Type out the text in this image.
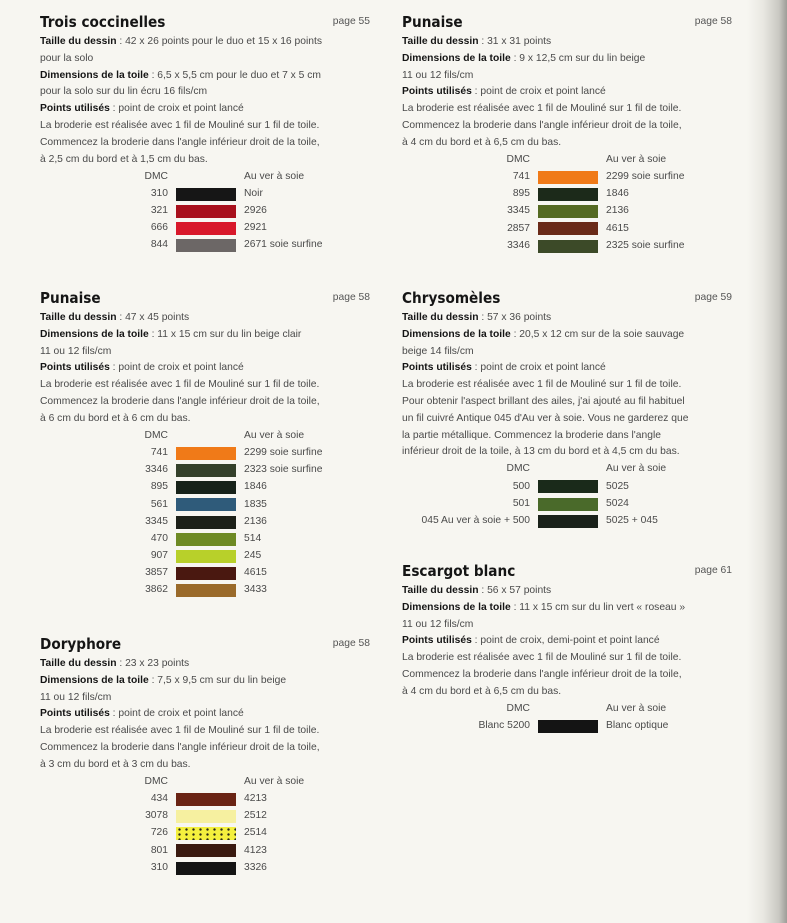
Trois coccinelles	page 55
Taille du dessin : 42 x 26 points pour le duo et 15 x 16 points
pour la solo
Dimensions de la toile : 6,5 x 5,5 cm pour le duo et 7 x 5 cm
pour la solo sur du lin écru 16 fils/cm
Points utilisés : point de croix et point lancé
La broderie est réalisée avec 1 fil de Mouliné sur 1 fil de toile.
Commencez la broderie dans l'angle inférieur droit de la toile,
à 2,5 cm du bord et à 1,5 cm du bas.
DMC		Au ver à soie
310		Noir
321		2926
666		2921
844		2671 soie surfine
Punaise	page 58
Taille du dessin : 31 x 31 points
Dimensions de la toile : 9 x 12,5 cm sur du lin beige
11 ou 12 fils/cm
Points utilisés : point de croix et point lancé
La broderie est réalisée avec 1 fil de Mouliné sur 1 fil de toile.
Commencez la broderie dans l'angle inférieur droit de la toile,
à 4 cm du bord et à 6,5 cm du bas.
DMC		Au ver à soie
741		2299 soie surfine
895		1846
3345		2136
2857		4615
3346		2325 soie surfine
Punaise	page 58
Taille du dessin : 47 x 45 points
Dimensions de la toile : 11 x 15 cm sur du lin beige clair
11 ou 12 fils/cm
Points utilisés : point de croix et point lancé
La broderie est réalisée avec 1 fil de Mouliné sur 1 fil de toile.
Commencez la broderie dans l'angle inférieur droit de la toile,
à 6 cm du bord et à 6 cm du bas.
DMC		Au ver à soie
741		2299 soie surfine
3346		2323 soie surfine
895		1846
561		1835
3345		2136
470		514
907		245
3857		4615
3862		3433
Chrysomèles	page 59
Taille du dessin : 57 x 36 points
Dimensions de la toile : 20,5 x 12 cm sur de la soie sauvage
beige 14 fils/cm
Points utilisés : point de croix et point lancé
La broderie est réalisée avec 1 fil de Mouliné sur 1 fil de toile.
Pour obtenir l'aspect brillant des ailes, j'ai ajouté au fil habituel
un fil cuivré Antique 045 d'Au ver à soie. Vous ne garderez que
la partie métallique. Commencez la broderie dans l'angle
inférieur droit de la toile, à 13 cm du bord et à 4,5 cm du bas.
DMC		Au ver à soie
500		5025
501		5024
045 Au ver à soie + 500		5025 + 045
Doryphore	page 58
Taille du dessin : 23 x 23 points
Dimensions de la toile : 7,5 x 9,5 cm sur du lin beige
11 ou 12 fils/cm
Points utilisés : point de croix et point lancé
La broderie est réalisée avec 1 fil de Mouliné sur 1 fil de toile.
Commencez la broderie dans l'angle inférieur droit de la toile,
à 3 cm du bord et à 3 cm du bas.
DMC		Au ver à soie
434		4213
3078		2512
726		2514
801		4123
310		3326
Escargot blanc	page 61
Taille du dessin : 56 x 57 points
Dimensions de la toile : 11 x 15 cm sur du lin vert « roseau »
11 ou 12 fils/cm
Points utilisés : point de croix, demi-point et point lancé
La broderie est réalisée avec 1 fil de Mouliné sur 1 fil de toile.
Commencez la broderie dans l'angle inférieur droit de la toile,
à 4 cm du bord et à 6,5 cm du bas.
DMC		Au ver à soie
Blanc 5200		Blanc optique
